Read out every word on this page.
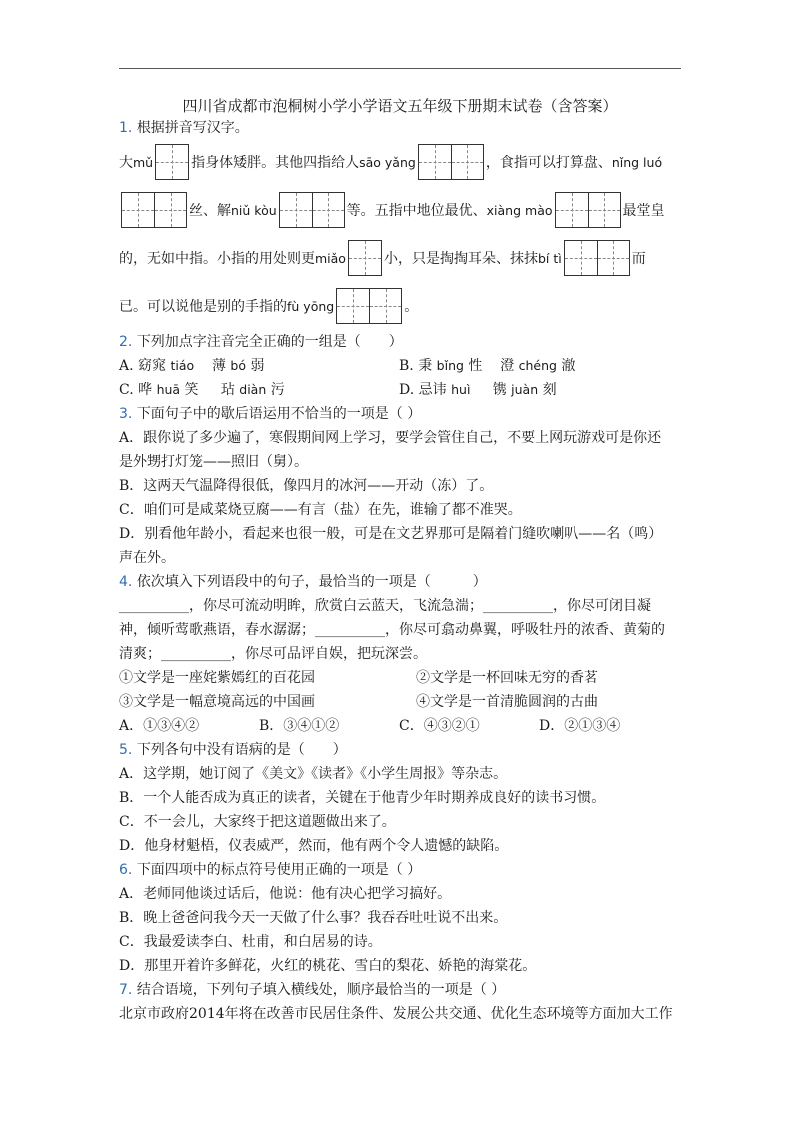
四川省成都市泡桐树小学小学语文五年级下册期末试卷（含答案）
1. 根据拼音写汉字。
大 mǔ	指身体矮胖。其他四指给人 sāo yǎng	，食指可以打算盘、 nǐng luó
丝、解 niǔ kòu	等。五指中地位最优、 xiàng mào	最堂皇
的，无如中指。小指的用处则更 miǎo	小，只是掏掏耳朵、抹抹 bí tì	而
已。可以说他是别的手指的 fù yōng	。
2. 下列加点字注音完全正确的一组是（　　）
A. 窈窕 tiáo 薄 bó 弱	B. 秉 bǐng 性 澄 chéng 澈
C. 哗 huā 笑 玷 diàn 污	D. 忌讳 huì 镌 juàn 刻
3. 下面句子中的歇后语运用不恰当的一项是（ ）
A．跟你说了多少遍了，寒假期间网上学习，要学会管住自己，不要上网玩游戏可是你还
是外甥打灯笼——照旧（舅）。
B．这两天气温降得很低，像四月的冰河——开动（冻）了。
C．咱们可是咸菜烧豆腐——有言（盐）在先，谁输了都不准哭。
D．别看他年龄小，看起来也很一般，可是在文艺界那可是隔着门缝吹喇叭——名（鸣）
声在外。
4. 依次填入下列语段中的句子，最恰当的一项是（　　　）
__________，你尽可流动明眸，欣赏白云蓝天，飞流急湍；__________，你尽可闭目凝
神，倾听莺歌燕语，春水潺潺；__________，你尽可翕动鼻翼，呼吸牡丹的浓香、黄菊的
清爽；__________，你尽可品评自娱，把玩深尝。
①文学是一座姹紫嫣红的百花园	②文学是一杯回味无穷的香茗
③文学是一幅意境高远的中国画	④文学是一首清脆圆润的古曲
A．①③④②	B．③④①②	C．④③②①	D．②①③④
5. 下列各句中没有语病的是（　　）
A．这学期，她订阅了《美文》《读者》《小学生周报》等杂志。
B．一个人能否成为真正的读者，关键在于他青少年时期养成良好的读书习惯。
C．不一会儿，大家终于把这道题做出来了。
D．他身材魁梧，仪表威严，然而，他有两个令人遗憾的缺陷。
6. 下面四项中的标点符号使用正确的一项是（ ）
A．老师同他谈过话后，他说：他有决心把学习搞好。
B．晚上爸爸问我今天一天做了什么事？我吞吞吐吐说不出来。
C．我最爱读李白、杜甫，和白居易的诗。
D．那里开着许多鲜花，火红的桃花、雪白的梨花、娇艳的海棠花。
7. 结合语境，下列句子填入横线处，顺序最恰当的一项是（ ）
北京市政府2014年将在改善市民居住条件、发展公共交通、优化生态环境等方面加大工作
